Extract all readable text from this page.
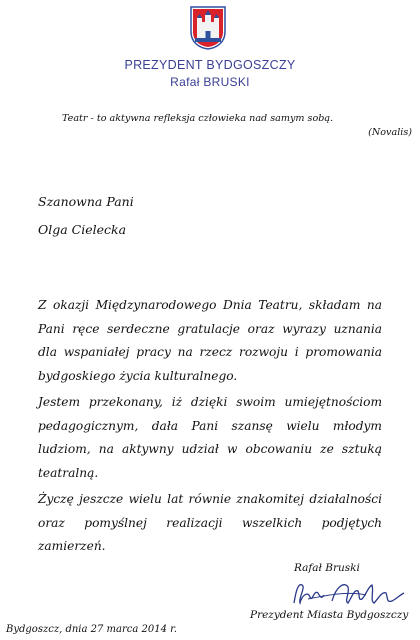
PREZYDENT BYDGOSZCZY
Rafał BRUSKI
Teatr - to aktywna refleksja człowieka nad samym sobą.
(Novalis)
Szanowna Pani
Olga Cielecka

Z okazji Międzynarodowego Dnia Teatru, składam na Pani ręce serdeczne gratulacje oraz wyrazy uznania dla wspaniałej pracy na rzecz rozwoju i promowania bydgoskiego życia kulturalnego.

Jestem przekonany, iż dzięki swoim umiejętnościom pedagogicznym, dała Pani szansę wielu młodym ludziom, na aktywny udział w obcowaniu ze sztuką teatralną.

Życzę jeszcze wielu lat równie znakomitej działalności oraz pomyślnej realizacji wszelkich podjętych zamierzeń.

Rafał Bruski
Prezydent Miasta Bydgoszczy
Bydgoszcz, dnia 27 marca 2014 r.
